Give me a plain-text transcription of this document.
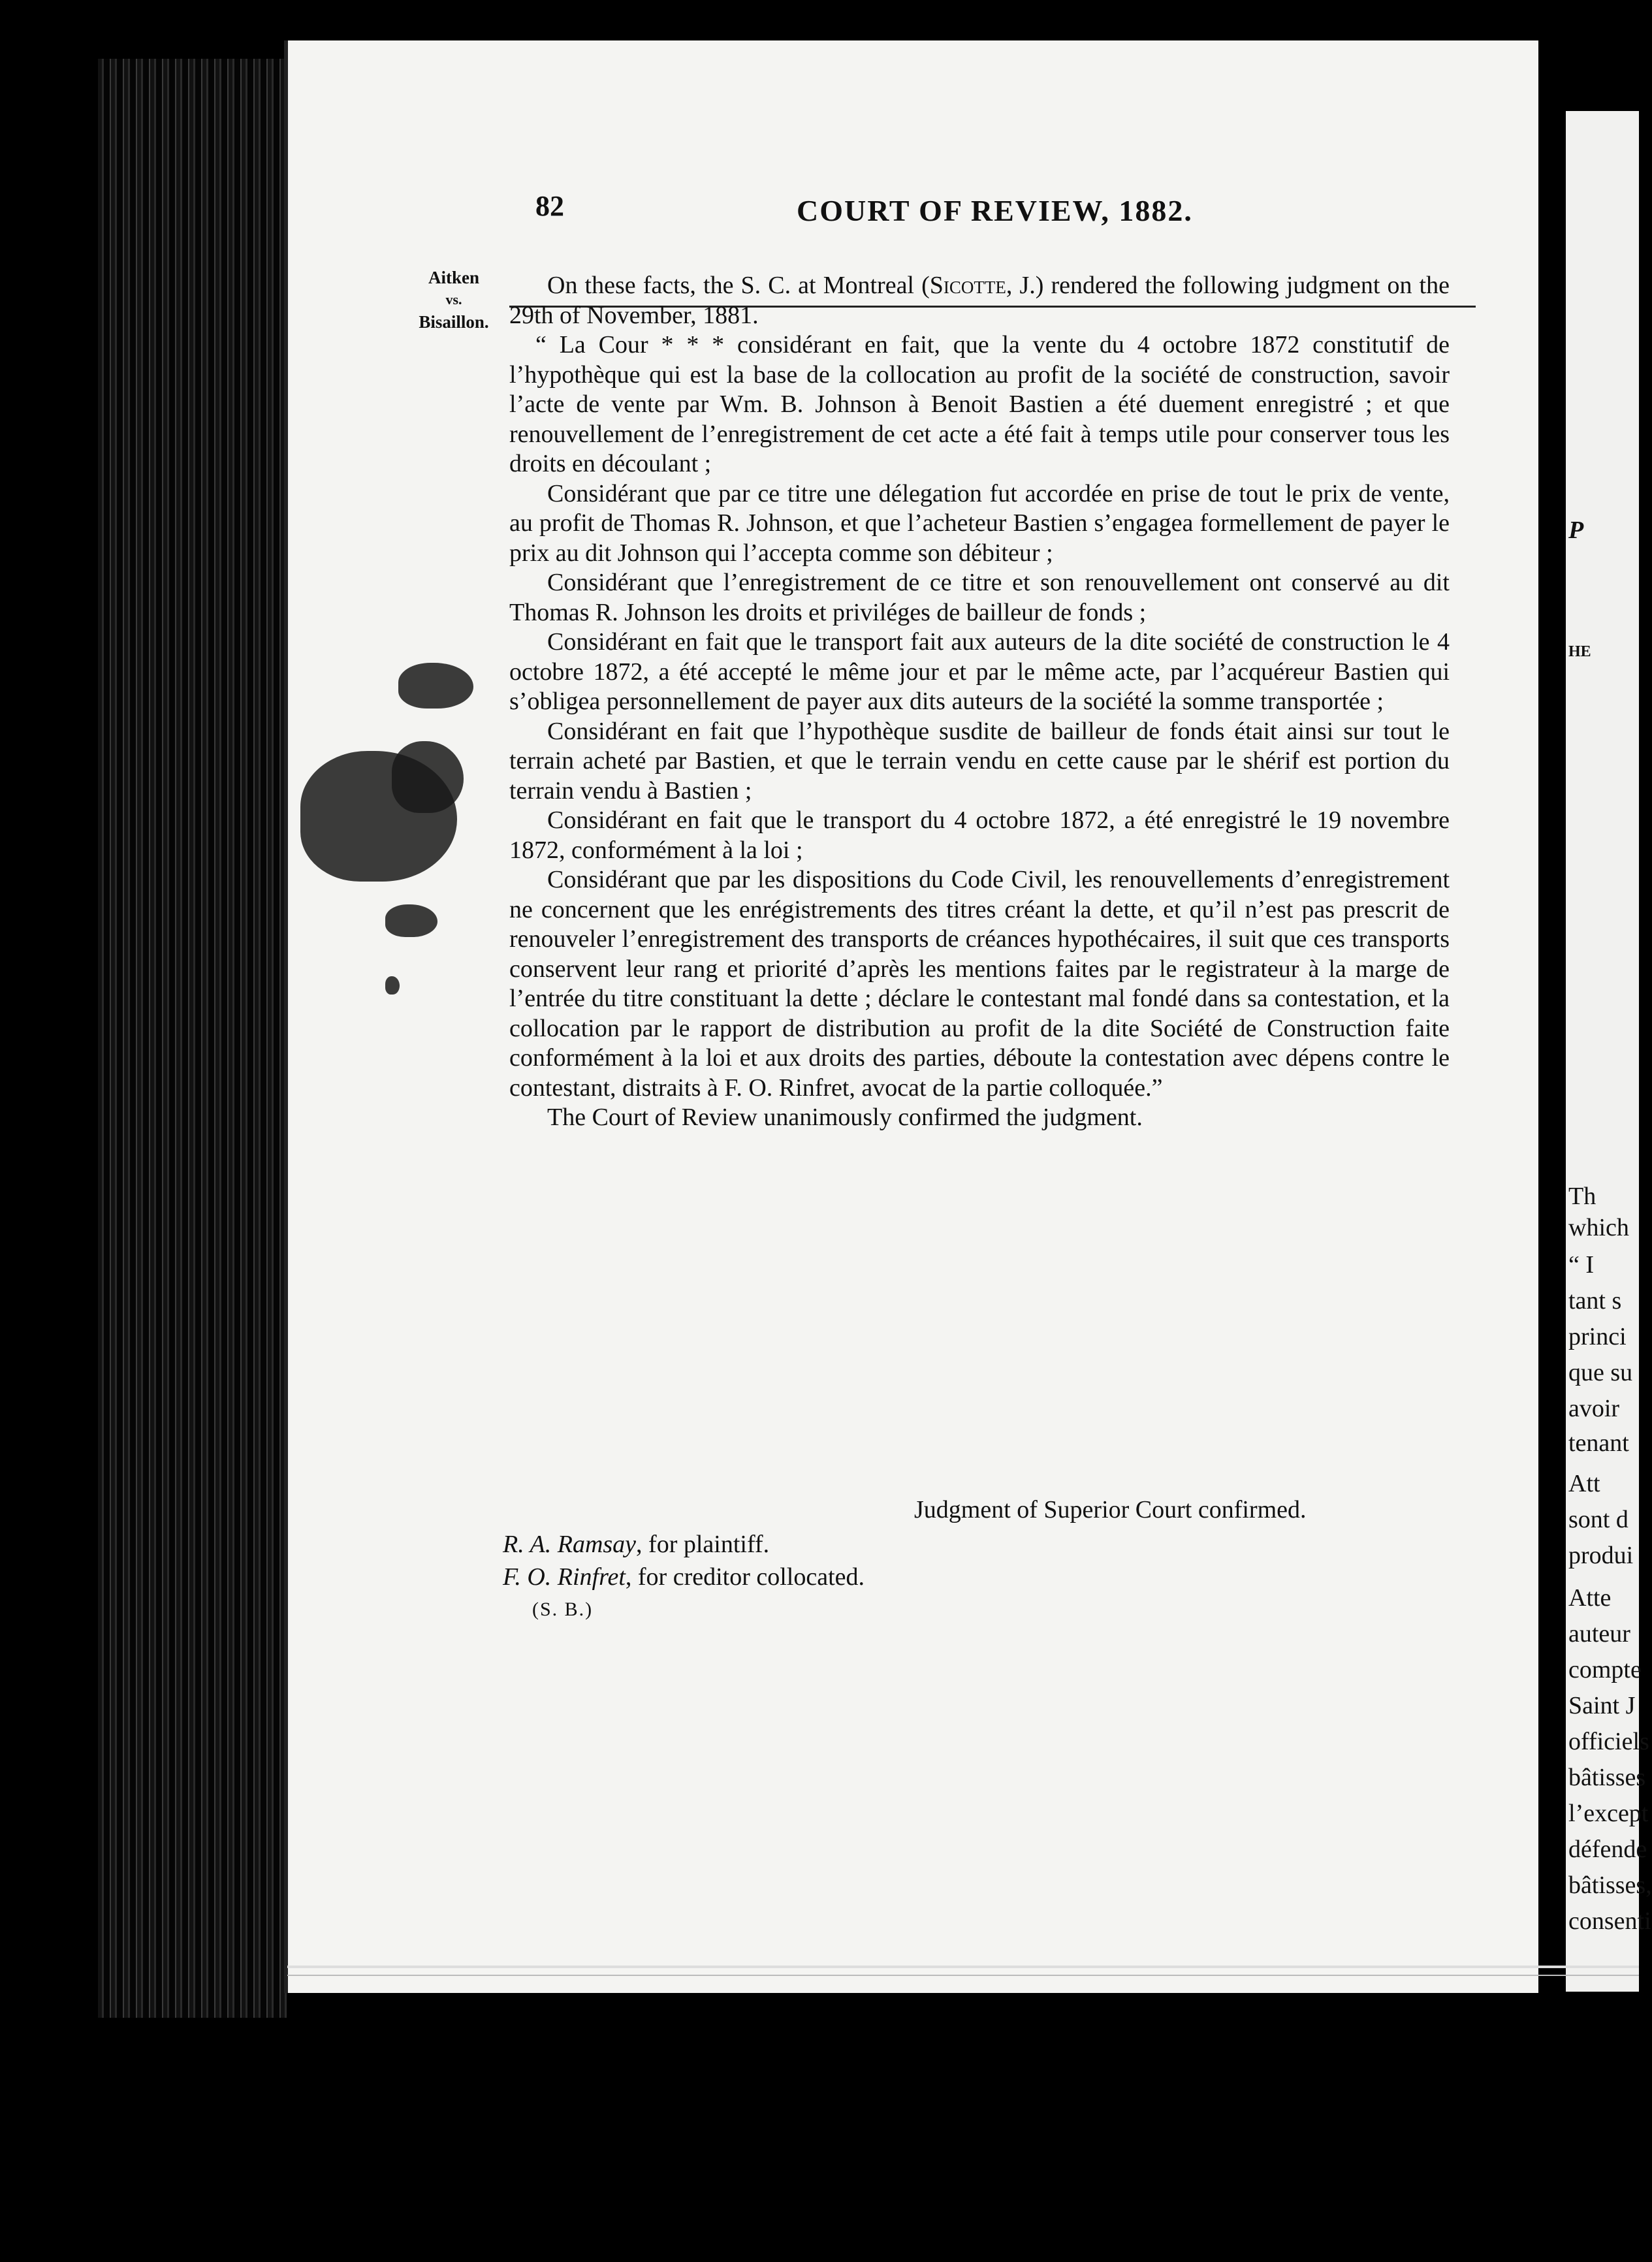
P
HE
Th
which
“ I
tant s
princi
que su
avoir
tenant
Att
sont d
produi
Atte
auteur
compte
Saint J
officiels
bâtisses
l’except
défende
bâtisses,
consenti
82	COURT OF REVIEW, 1882.
Aitken
vs.
Bisaillon.

On these facts, the S. C. at Montreal (Sicotte, J.) rendered the following judgment on the 29th of November, 1881.

“ La Cour * * * considérant en fait, que la vente du 4 octobre 1872 constitutif de l’hypothèque qui est la base de la collocation au profit de la société de construction, savoir l’acte de vente par Wm. B. Johnson à Benoit Bastien a été duement enregistré ; et que renouvellement de l’enregistrement de cet acte a été fait à temps utile pour conserver tous les droits en découlant ;

Considérant que par ce titre une délegation fut accordée en prise de tout le prix de vente, au profit de Thomas R. Johnson, et que l’acheteur Bastien s’engagea formellement de payer le prix au dit Johnson qui l’accepta comme son débiteur ;

Considérant que l’enregistrement de ce titre et son renouvellement ont conservé au dit Thomas R. Johnson les droits et priviléges de bailleur de fonds ;

Considérant en fait que le transport fait aux auteurs de la dite société de construction le 4 octobre 1872, a été accepté le même jour et par le même acte, par l’acquéreur Bastien qui s’obligea personnellement de payer aux dits auteurs de la société la somme transportée ;

Considérant en fait que l’hypothèque susdite de bailleur de fonds était ainsi sur tout le terrain acheté par Bastien, et que le terrain vendu en cette cause par le shérif est portion du terrain vendu à Bastien ;

Considérant en fait que le transport du 4 octobre 1872, a été enregistré le 19 novembre 1872, conformément à la loi ;

Considérant que par les dispositions du Code Civil, les renouvellements d’enregistrement ne concernent que les enrégistrements des titres créant la dette, et qu’il n’est pas prescrit de renouveler l’enregistrement des transports de créances hypothécaires, il suit que ces transports conservent leur rang et priorité d’après les mentions faites par le registrateur à la marge de l’entrée du titre constituant la dette ; déclare le contestant mal fondé dans sa contestation, et la collocation par le rapport de distribution au profit de la dite Société de Construction faite conformément à la loi et aux droits des parties, déboute la contestation avec dépens contre le contestant, distraits à F. O. Rinfret, avocat de la partie colloquée.”

The Court of Review unanimously confirmed the judgment.

Judgment of Superior Court confirmed.
R. A. Ramsay, for plaintiff.
F. O. Rinfret, for creditor collocated.
(S. B.)
